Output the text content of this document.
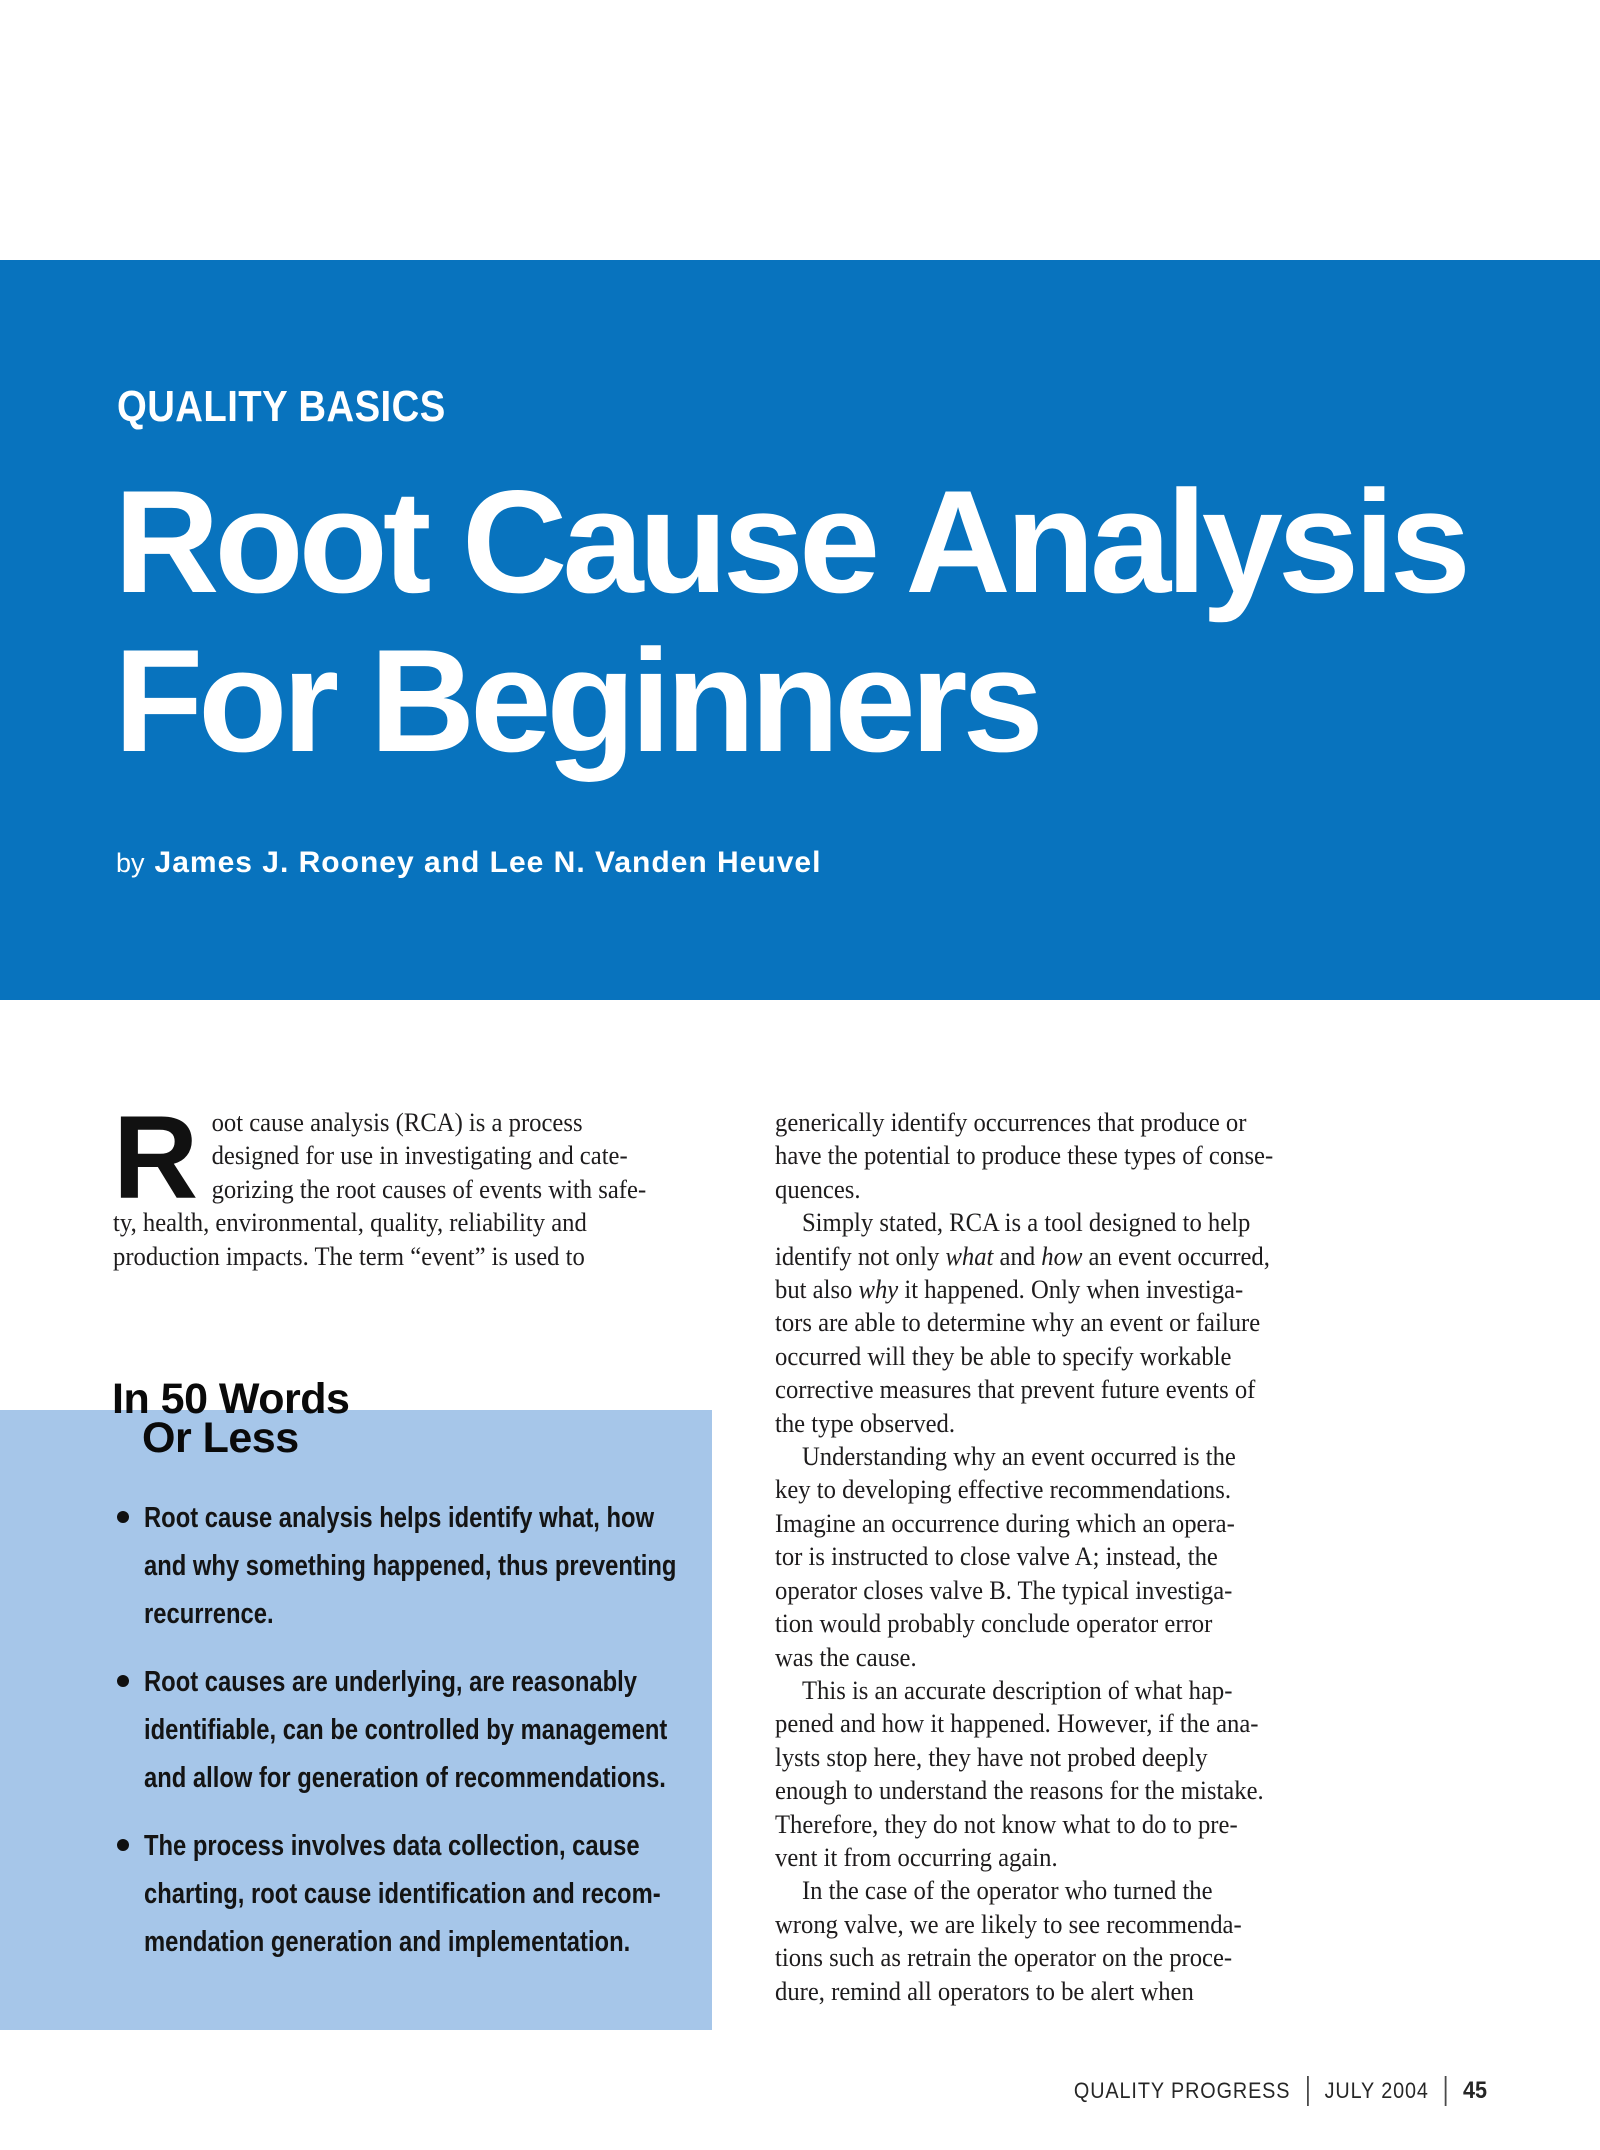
QUALITY BASICS
Root Cause Analysis
For Beginners
by James J. Rooney and Lee N. Vanden Heuvel
R oot cause analysis (RCA) is a process
designed for use in investigating and cate-
gorizing the root causes of events with safe-
ty, health, environmental, quality, reliability and
production impacts. The term “event” is used to
generically identify occurrences that produce or
have the potential to produce these types of conse-
quences.
Simply stated, RCA is a tool designed to help
identify not only what and how an event occurred,
but also why it happened. Only when investiga-
tors are able to determine why an event or failure
occurred will they be able to specify workable
corrective measures that prevent future events of
the type observed.
Understanding why an event occurred is the
key to developing effective recommendations.
Imagine an occurrence during which an opera-
tor is instructed to close valve A; instead, the
operator closes valve B. The typical investiga-
tion would probably conclude operator error
was the cause.
This is an accurate description of what hap-
pened and how it happened. However, if the ana-
lysts stop here, they have not probed deeply
enough to understand the reasons for the mistake.
Therefore, they do not know what to do to pre-
vent it from occurring again.
In the case of the operator who turned the
wrong valve, we are likely to see recommenda-
tions such as retrain the operator on the proce-
dure, remind all operators to be alert when
In 50 Words
Or Less
Root cause analysis helps identify what, how
and why something happened, thus preventing
recurrence.
Root causes are underlying, are reasonably
identifiable, can be controlled by management
and allow for generation of recommendations.
The process involves data collection, cause
charting, root cause identification and recom-
mendation generation and implementation.
QUALITY PROGRESS JULY 2004 45
